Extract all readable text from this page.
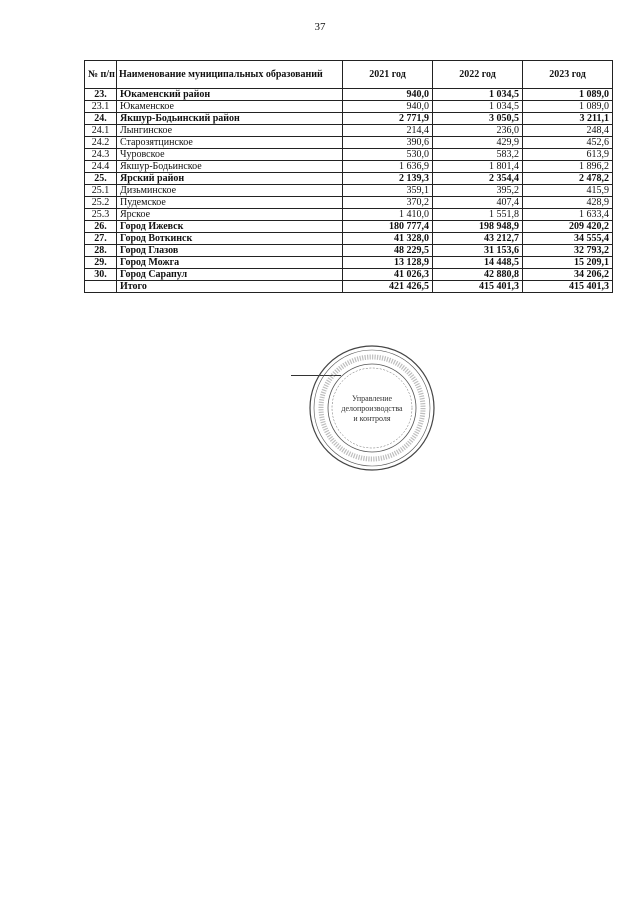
37
№ п/п	Наименование муниципальных образований	2021 год	2022 год	2023 год
23.	Юкаменский район	940,0	1 034,5	1 089,0
23.1	Юкаменское	940,0	1 034,5	1 089,0
24.	Якшур-Бодьинский район	2 771,9	3 050,5	3 211,1
24.1	Лынгинское	214,4	236,0	248,4
24.2	Старозятцинское	390,6	429,9	452,6
24.3	Чуровское	530,0	583,2	613,9
24.4	Якшур-Бодьинское	1 636,9	1 801,4	1 896,2
25.	Ярский район	2 139,3	2 354,4	2 478,2
25.1	Дизьминское	359,1	395,2	415,9
25.2	Пудемское	370,2	407,4	428,9
25.3	Ярское	1 410,0	1 551,8	1 633,4
26.	Город Ижевск	180 777,4	198 948,9	209 420,2
27.	Город Воткинск	41 328,0	43 212,7	34 555,4
28.	Город Глазов	48 229,5	31 153,6	32 793,2
29.	Город Можга	13 128,9	14 448,5	15 209,1
30.	Город Сарапул	41 026,3	42 880,8	34 206,2
	Итого	421 426,5	415 401,3	415 401,3
Управление
делопроизводства
и контроля
